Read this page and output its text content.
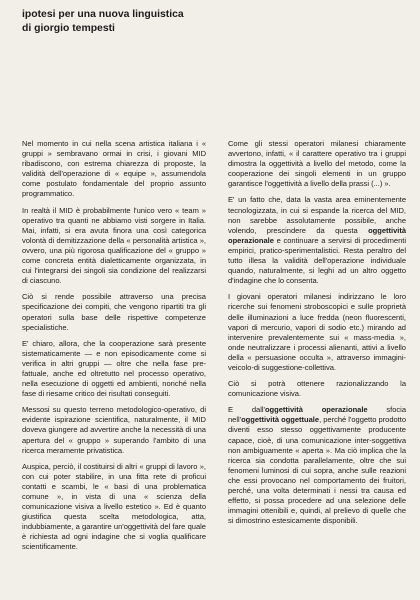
ipotesi per una nuova linguistica
di giorgio tempesti

Nel momento in cui nella scena artistica italiana i « gruppi » sembravano ormai in crisi, i giovani MID ribadiscono, con estrema chiarezza di proposte, la validità dell'operazione di « equipe », assumendola come postulato fondamentale del proprio assunto programmatico.

In realtà il MID è probabilmente l'unico vero « team » operativo tra quanti ne abbiamo visti sorgere in Italia. Mai, infatti, si era avuta finora una così categorica volontà di demitizzazione della « personalità artistica », ovvero, una più rigorosa qualificazione del « gruppo » come concreta entità dialetticamente organizzata, in cui l'integrarsi dei singoli sia condizione del realizzarsi di ciascuno.

Ciò si rende possibile attraverso una precisa specificazione dei compiti, che vengono ripartiti tra gli operatori sulla base delle rispettive competenze specialistiche.

E' chiaro, allora, che la cooperazione sarà presente sistematicamente — e non episodicamente come si verifica in altri gruppi — oltre che nella fase pre-fattuale, anche ed oltretutto nel processo operativo, nella esecuzione di oggetti ed ambienti, nonché nella fase di riesame critico dei risultati conseguiti.

Messosi su questo terreno metodologico-operativo, di evidente ispirazione scientifica, naturalmente, il MID doveva giungere ad avvertire anche la necessità di una apertura del « gruppo » superando l'ambito di una ricerca meramente privatistica.

Auspica, perciò, il costituirsi di altri « gruppi di lavoro », con cui poter stabilire, in una fitta rete di proficui contatti e scambi, le « basi di una problematica comune », in vista di una « scienza della comunicazione visiva a livello estetico ». Ed è quanto giustifica questa scelta metodologica, atta, indubbiamente, a garantire un'oggettività del fare quale è richiesta ad ogni indagine che si voglia qualificare scientificamente.

Come gli stessi operatori milanesi chiaramente avvertono, infatti, « il carattere operativo tra i gruppi dimostra la oggettività a livello del metodo, come la cooperazione dei singoli elementi in un gruppo garantisce l'oggettività a livello della prassi (...) ».

E' un fatto che, data la vasta area eminentemente tecnologizzata, in cui si espande la ricerca del MID, non sarebbe assolutamente possibile, anche volendo, prescindere da questa oggettività operazionale e continuare a servirsi di procedimenti empirici, pratico-sperimentalistici. Resta peraltro del tutto illesa la validità dell'operazione individuale quando, naturalmente, si leghi ad un altro oggetto d'indagine che lo consenta.

I giovani operatori milanesi indirizzano le loro ricerche sui fenomeni stroboscopici e sulle proprietà delle illuminazioni a luce fredda (neon fluorescenti, vapori di mercurio, vapori di sodio etc.) mirando ad intervenire prevalentemente sui « mass-media », onde neutralizzare i processi alienanti, attivi a livello della « persuasione occulta », attraverso immagini-veicolo-di suggestione-collettiva.

Ciò si potrà ottenere razionalizzando la comunicazione visiva.

E dall'oggettività operazionale sfocia nell'oggettività oggettuale, perché l'oggetto prodotto diventi esso stesso oggettivamente producente capace, cioè, di una comunicazione inter-soggettiva non ambiguamente « aperta ». Ma ciò implica che la ricerca sia condotta parallelamente, oltre che sui fenomeni luminosi di cui sopra, anche sulle reazioni che essi provocano nel comportamento dei fruitori, perché, una volta determinati i nessi tra causa ed effetto, si possa procedere ad una selezione delle immagini ottenibili e, quindi, al prelievo di quelle che si dimostrino estesicamente disponibili.
